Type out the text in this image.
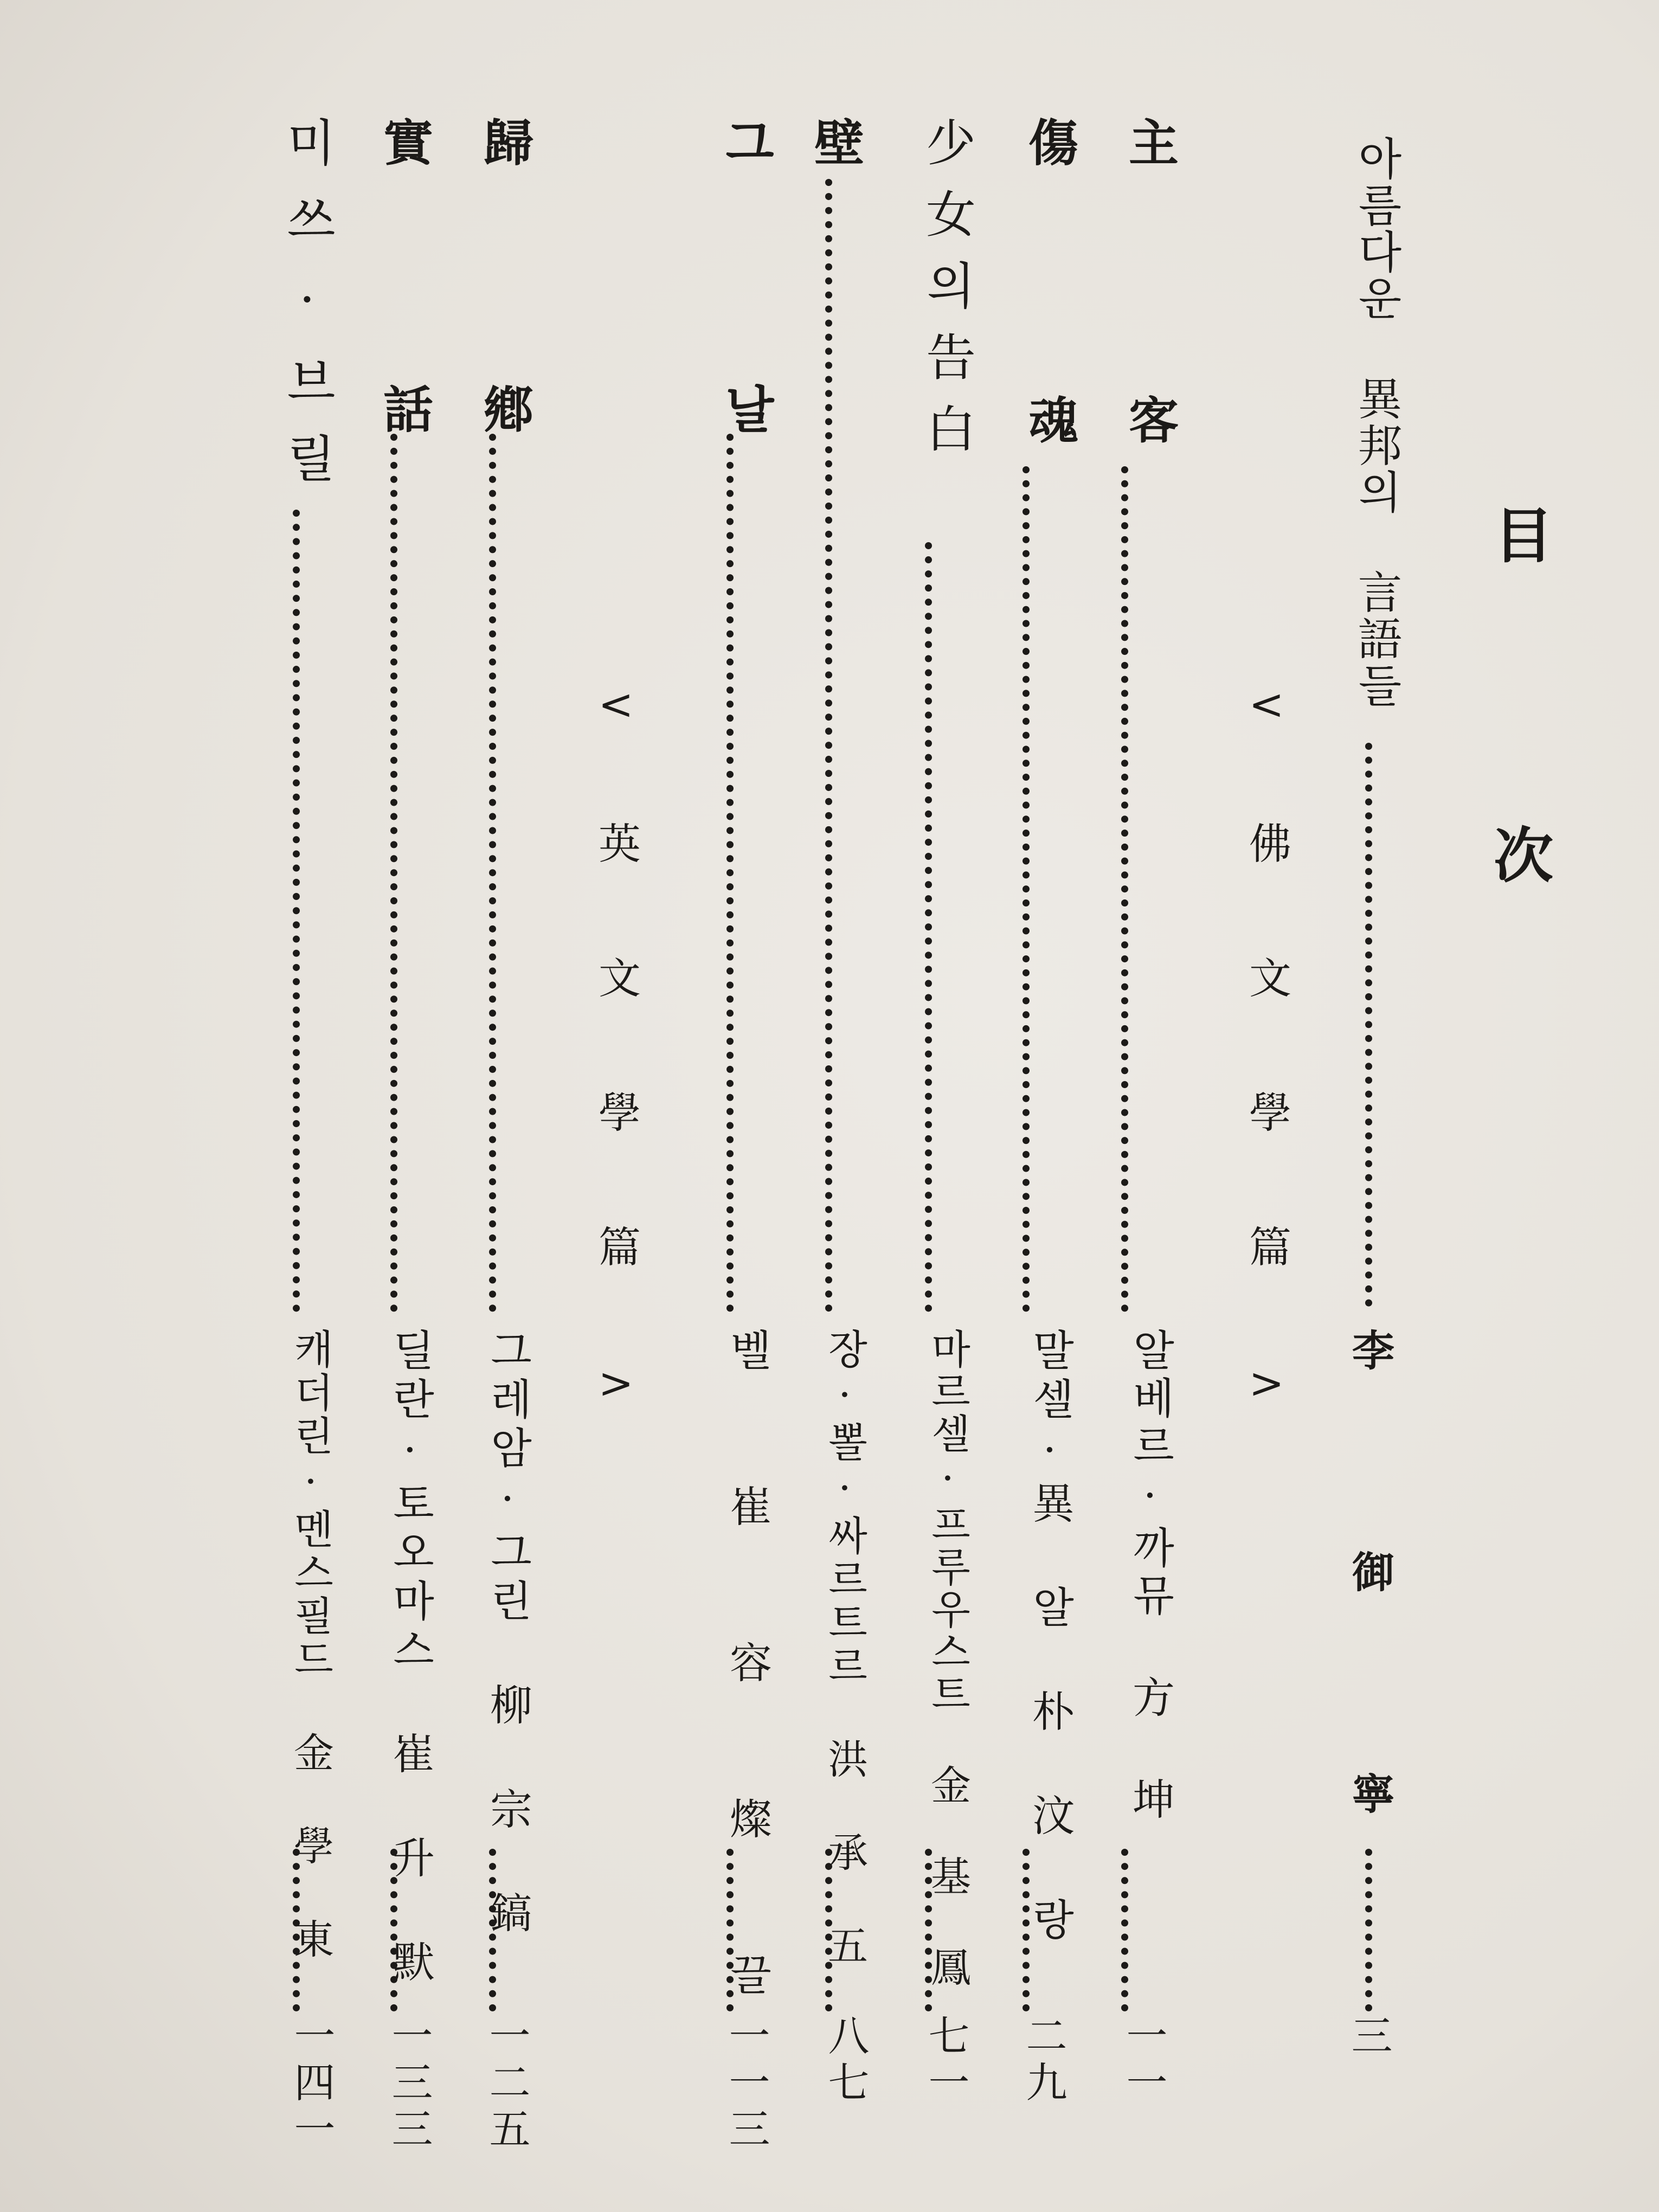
目次
아름다운 異邦의 言語들
李 御 寧
三
<佛文學篇>
主客
알베르·까뮤 方 坤
一一
傷魂
말셀·異 알 朴 汶 랑
二九
少女의告白
마르셀·프루우스트 金 基 鳳
七一
壁
장·뽈·싸르트르 洪 承 五
八七
그날
벨 崔 容 燦 끌
一一三
<英文學篇>
歸鄕
그레암·그린 柳 宗 鎬
一二五
實話
딜란·토오마스 崔 升 默
一三三
미쓰·브릴
캐더린·멘스필드 金 學 東
一四一
